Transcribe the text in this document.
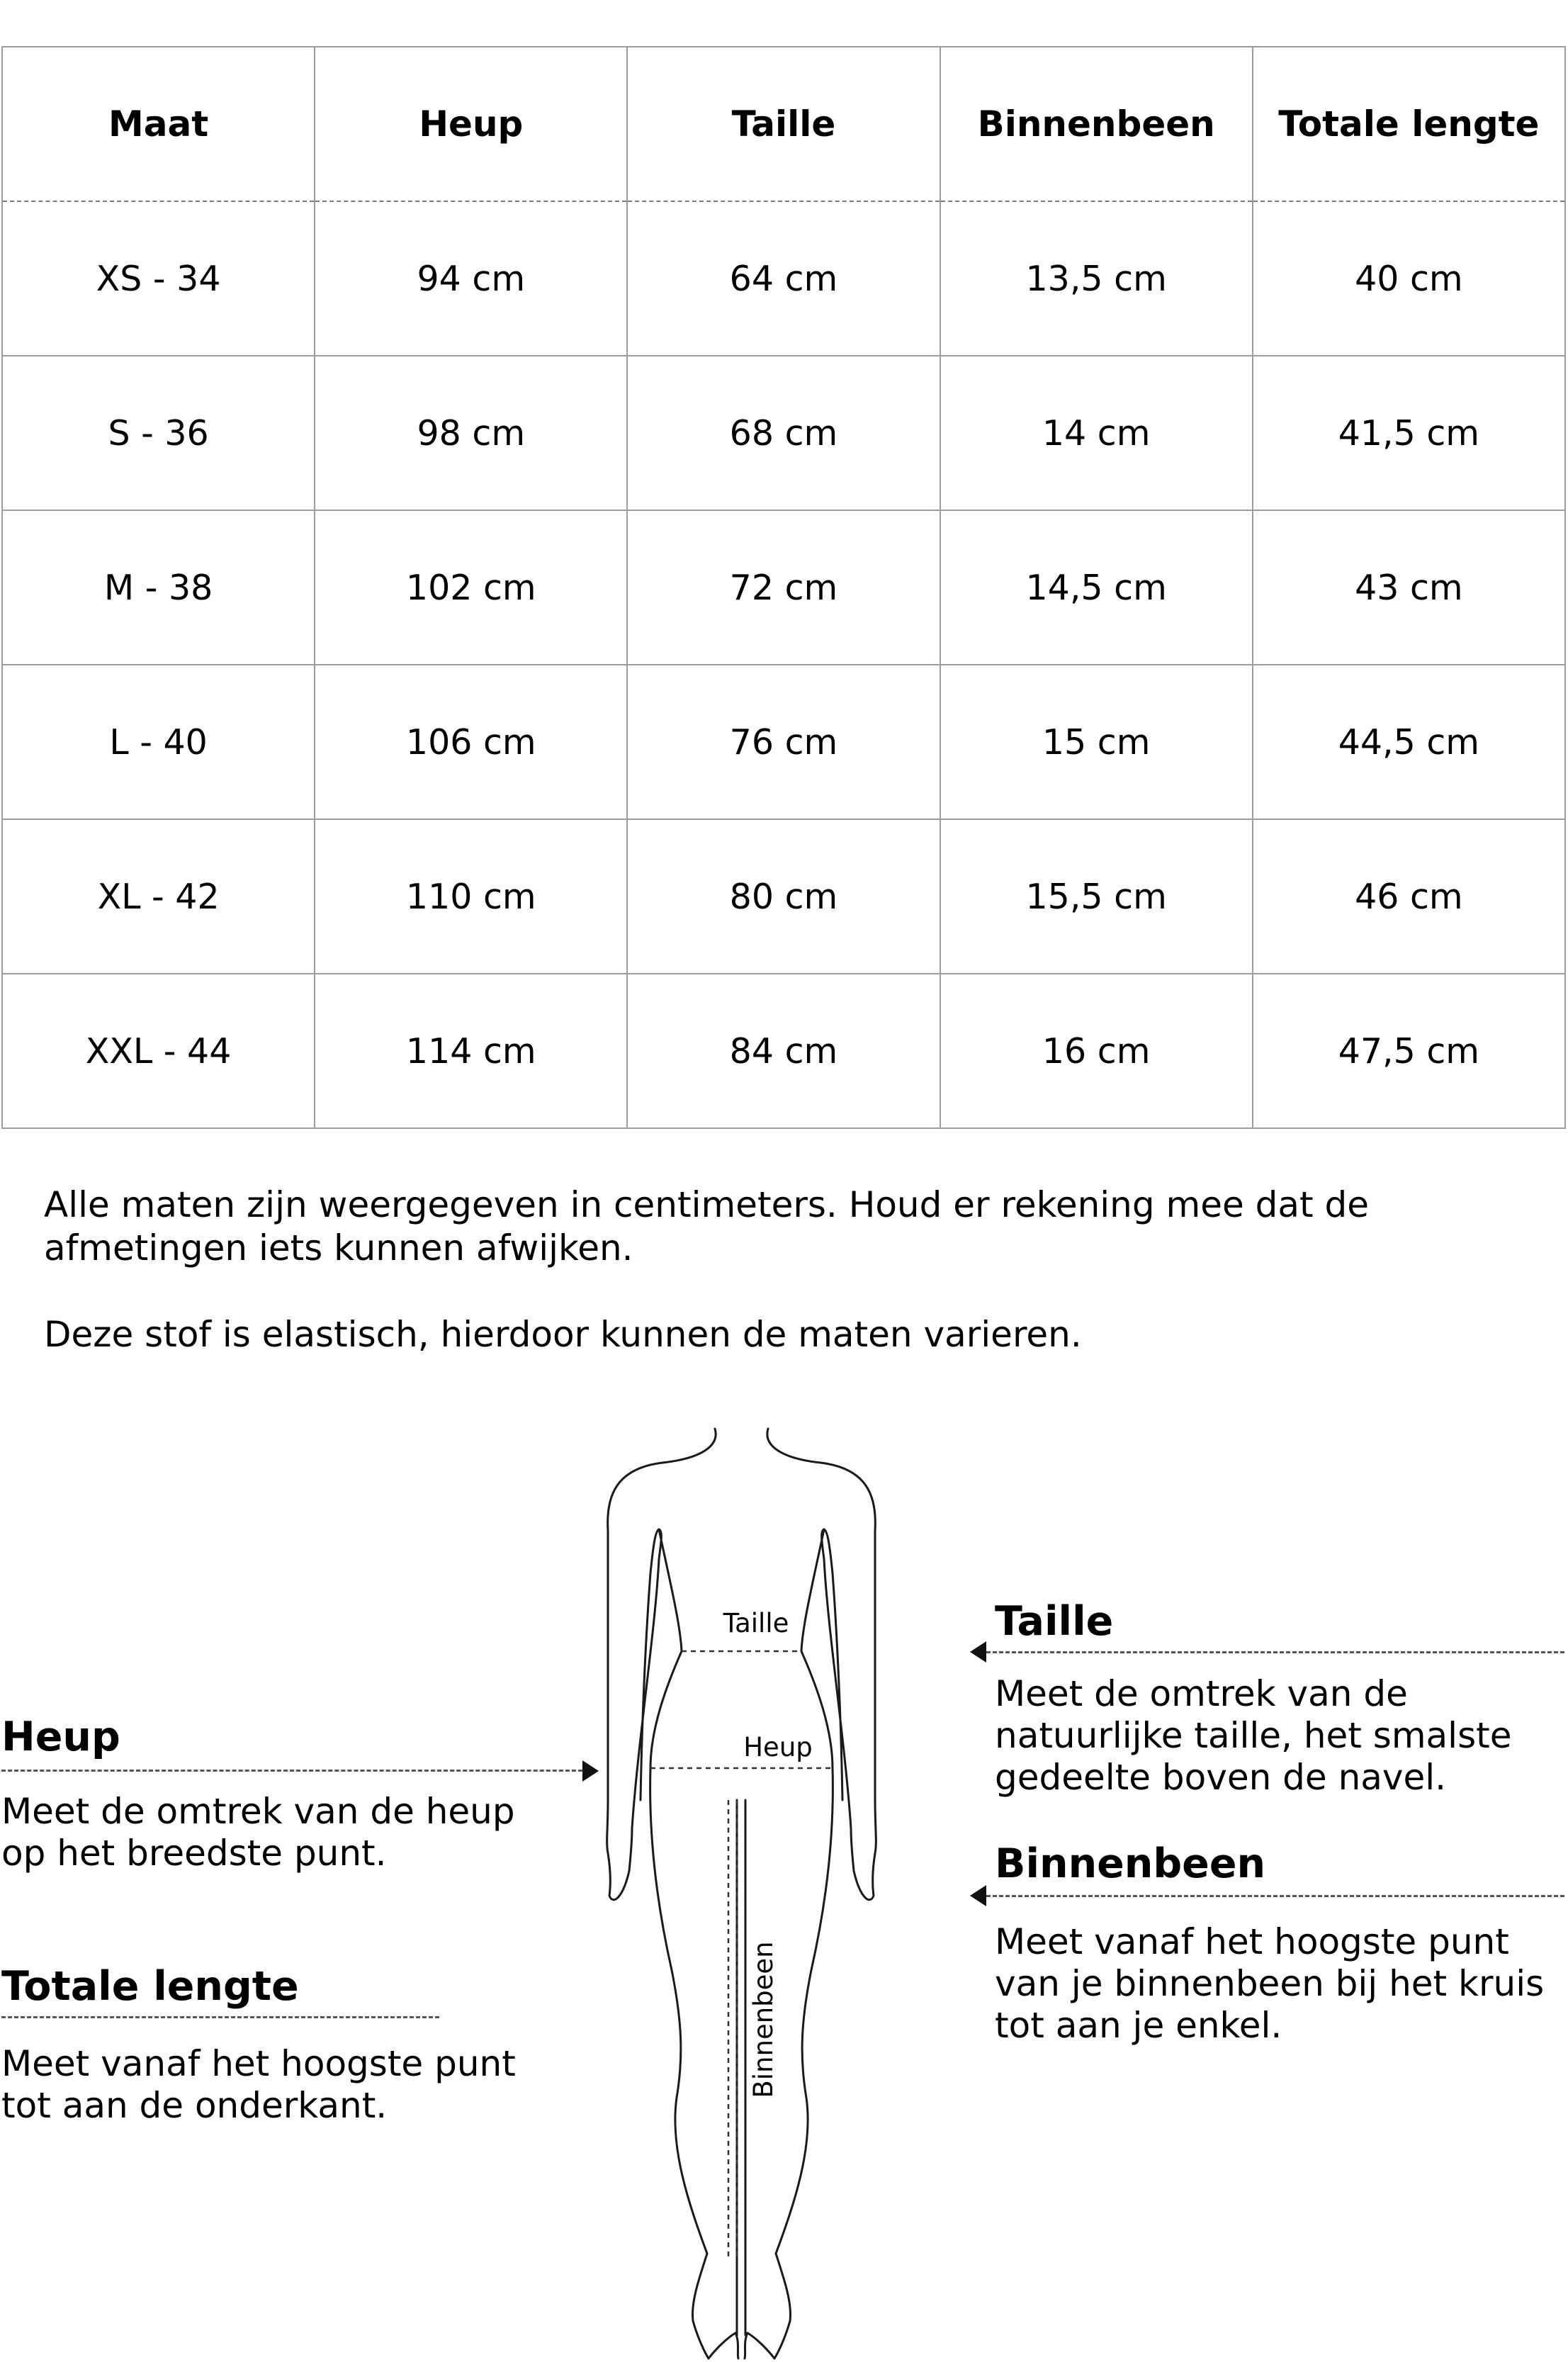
Maat	Heup	Taille	Binnenbeen	Totale lengte
XS - 34	94 cm	64 cm	13,5 cm	40 cm
S - 36	98 cm	68 cm	14 cm	41,5 cm
M - 38	102 cm	72 cm	14,5 cm	43 cm
L - 40	106 cm	76 cm	15 cm	44,5 cm
XL - 42	110 cm	80 cm	15,5 cm	46 cm
XXL - 44	114 cm	84 cm	16 cm	47,5 cm

Alle maten zijn weergegeven in centimeters. Houd er rekening mee dat de afmetingen iets kunnen afwijken.

Deze stof is elastisch, hierdoor kunnen de maten varieren.

Taille
Heup
Binnenbeen
Heup

Meet de omtrek van de heup op het breedste punt.

Totale lengte

Meet vanaf het hoogste punt tot aan de onderkant.

Taille

Meet de omtrek van de natuurlijke taille, het smalste gedeelte boven de navel.

Binnenbeen

Meet vanaf het hoogste punt van je binnenbeen bij het kruis tot aan je enkel.
